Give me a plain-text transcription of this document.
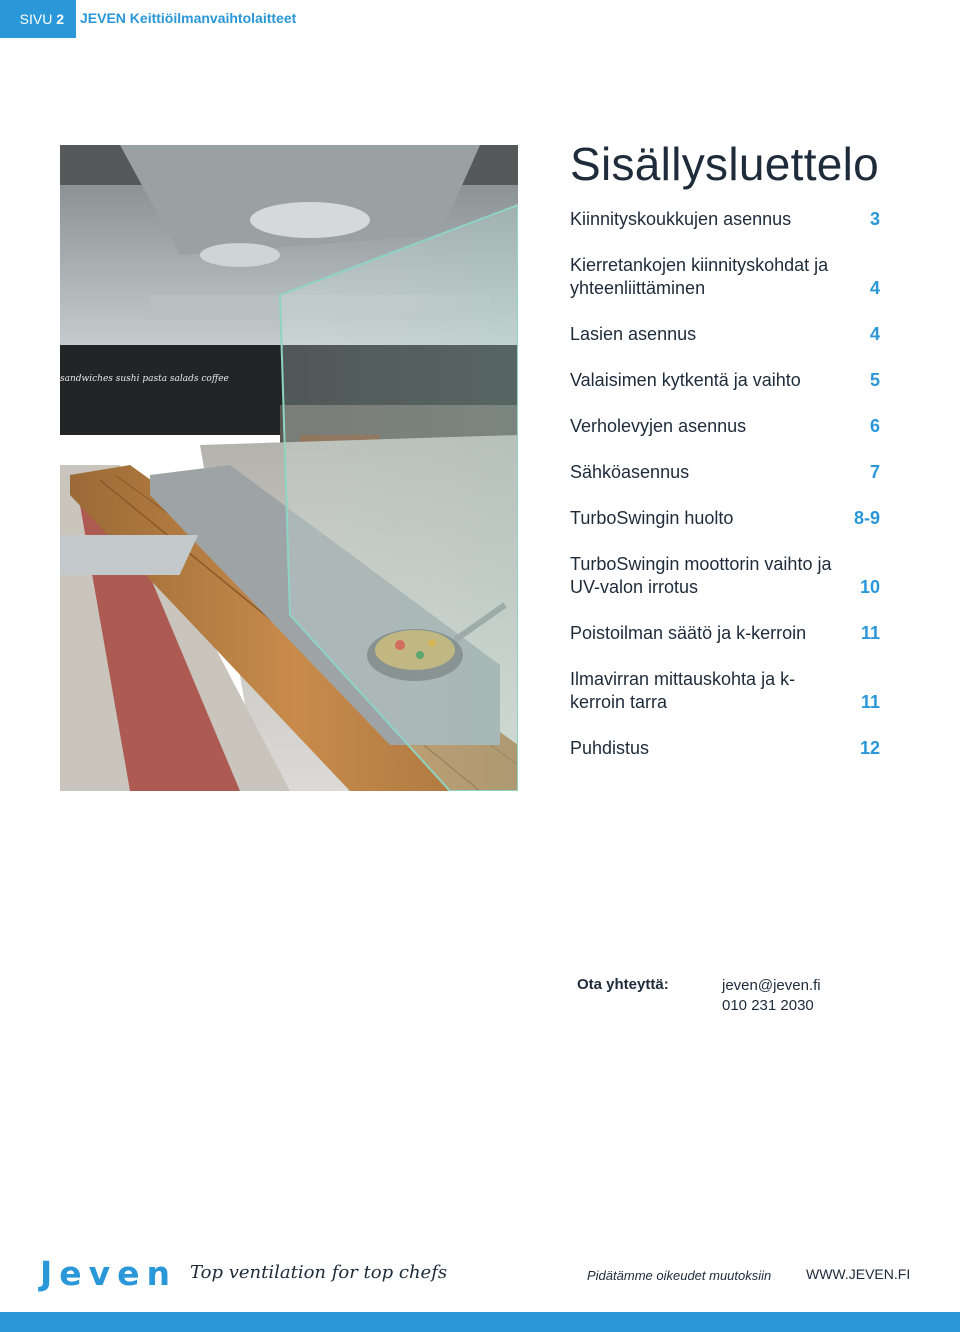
SIVU 2	JEVEN Keittiöilmanvaihtolaitteet
sandwiches sushi pasta salads coffee
Sisällysluettelo
Kiinnityskoukkujen asennus	3
Kierretankojen kiinnityskohdat ja yhteenliittäminen	4
Lasien asennus	4
Valaisimen kytkentä ja vaihto	5
Verholevyjen asennus	6
Sähköasennus	7
TurboSwingin huolto	8-9
TurboSwingin moottorin vaihto ja UV-valon irrotus	10
Poistoilman säätö ja k-kerroin	11
Ilmavirran mittauskohta ja k-kerroin tarra	11
Puhdistus	12
Ota yhteyttä:	jeven@jeven.fi
010 231 2030
Jeven Top ventilation for top chefs	Pidätämme oikeudet muutoksiin WWW.JEVEN.FI
